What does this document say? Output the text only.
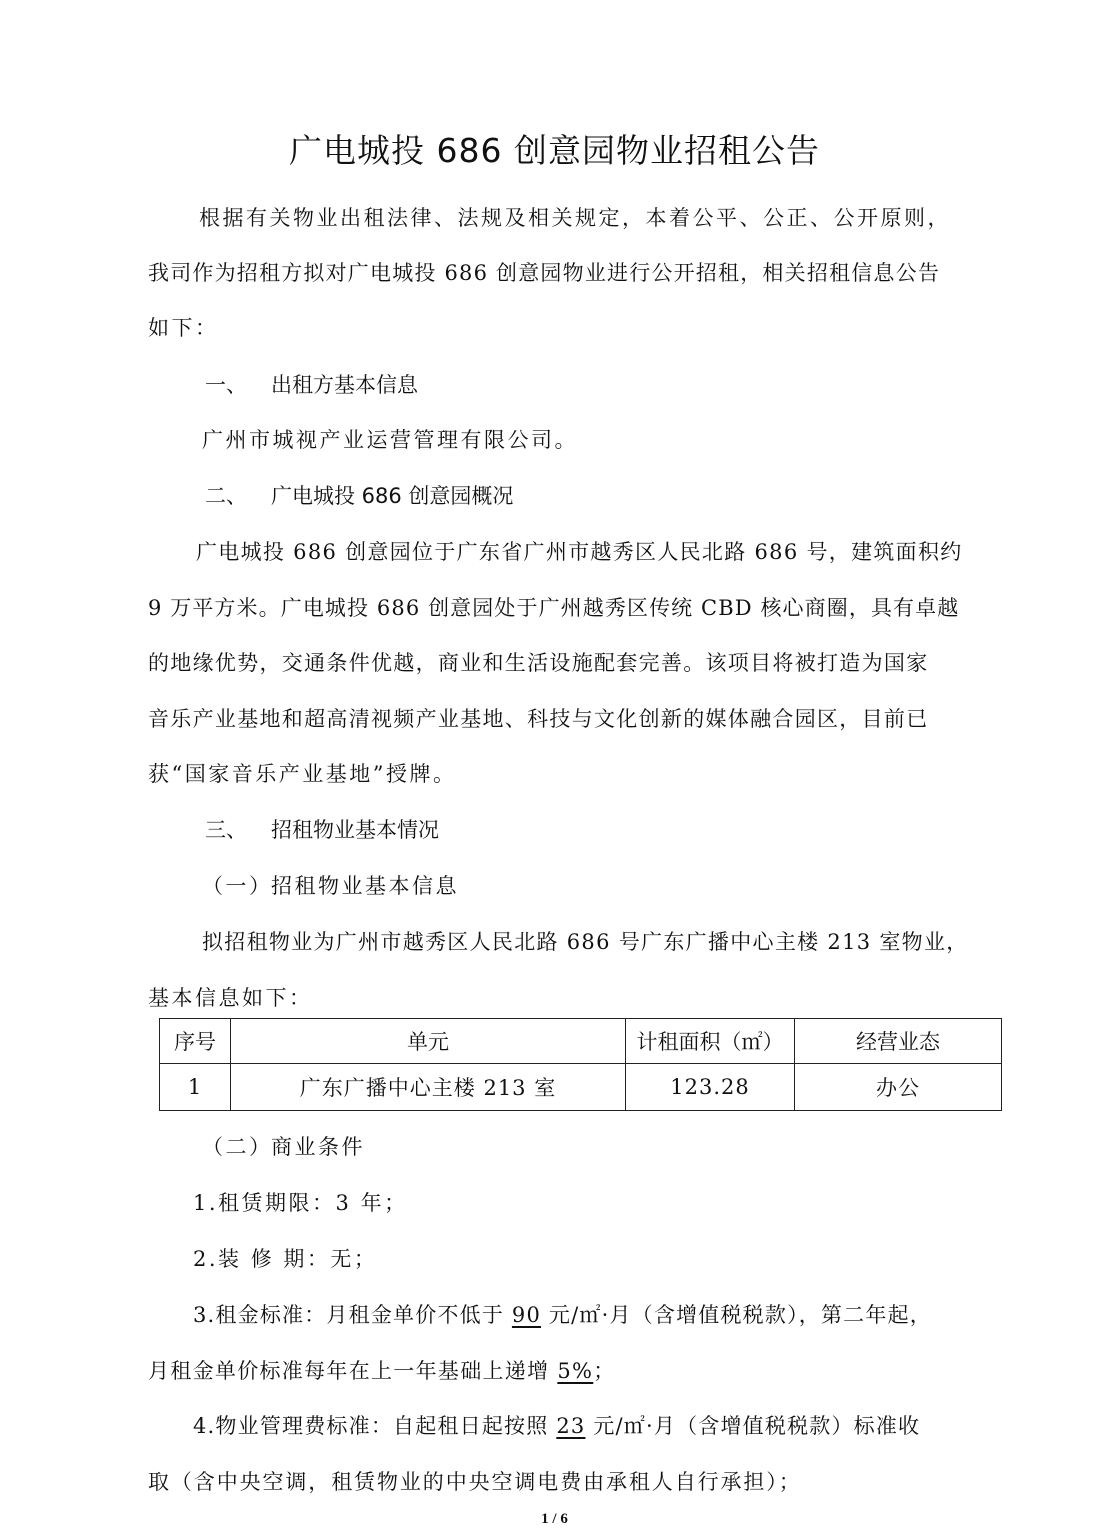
广电城投 686 创意园物业招租公告
根据有关物业出租法律、法规及相关规定，本着公平、公正、公开原则，
我司作为招租方拟对广电城投 686 创意园物业进行公开招租，相关招租信息公告
如下：
一、 出租方基本信息
广州市城视产业运营管理有限公司。
二、 广电城投 686 创意园概况
广电城投 686 创意园位于广东省广州市越秀区人民北路 686 号，建筑面积约
9 万平方米。广电城投 686 创意园处于广州越秀区传统 CBD 核心商圈，具有卓越
的地缘优势，交通条件优越，商业和生活设施配套完善。该项目将被打造为国家
音乐产业基地和超高清视频产业基地、科技与文化创新的媒体融合园区，目前已
获“国家音乐产业基地”授牌。
三、 招租物业基本情况
（一）招租物业基本信息
拟招租物业为广州市越秀区人民北路 686 号广东广播中心主楼 213 室物业，
基本信息如下：
序号	单元	计租面积（㎡）	经营业态
1	广东广播中心主楼 213 室	123.28	办公
（二）商业条件
1.租赁期限：3 年；
2.装 修 期：无；
3.租金标准：月租金单价不低于 90 元/㎡·月（含增值税税款），第二年起，
月租金单价标准每年在上一年基础上递增 5%；
4.物业管理费标准：自起租日起按照 23 元/㎡·月（含增值税税款）标准收
取（含中央空调，租赁物业的中央空调电费由承租人自行承担）；
1 / 6
